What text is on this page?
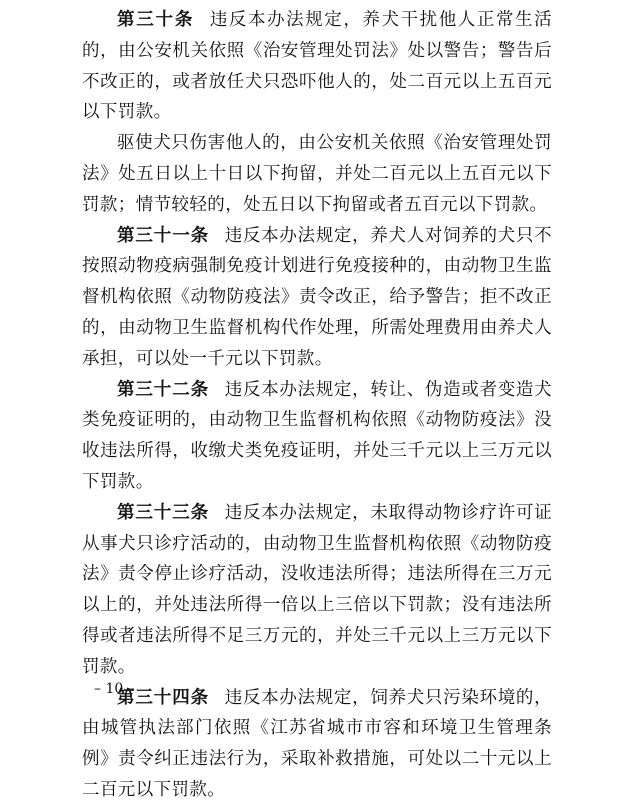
第三十条 违反本办法规定，养犬干扰他人正常生活的，由公安机关依照《治安管理处罚法》处以警告；警告后不改正的，或者放任犬只恐吓他人的，处二百元以上五百元以下罚款。

驱使犬只伤害他人的，由公安机关依照《治安管理处罚法》处五日以上十日以下拘留，并处二百元以上五百元以下罚款；情节较轻的，处五日以下拘留或者五百元以下罚款。

第三十一条 违反本办法规定，养犬人对饲养的犬只不按照动物疫病强制免疫计划进行免疫接种的，由动物卫生监督机构依照《动物防疫法》责令改正，给予警告；拒不改正的，由动物卫生监督机构代作处理，所需处理费用由养犬人承担，可以处一千元以下罚款。

第三十二条 违反本办法规定，转让、伪造或者变造犬类免疫证明的，由动物卫生监督机构依照《动物防疫法》没收违法所得，收缴犬类免疫证明，并处三千元以上三万元以下罚款。

第三十三条 违反本办法规定，未取得动物诊疗许可证从事犬只诊疗活动的，由动物卫生监督机构依照《动物防疫法》责令停止诊疗活动，没收违法所得；违法所得在三万元以上的，并处违法所得一倍以上三倍以下罚款；没有违法所得或者违法所得不足三万元的，并处三千元以上三万元以下罚款。

第三十四条 违反本办法规定，饲养犬只污染环境的，由城管执法部门依照《江苏省城市市容和环境卫生管理条例》责令纠正违法行为，采取补救措施，可处以二十元以上二百元以下罚款。

– 10 –
